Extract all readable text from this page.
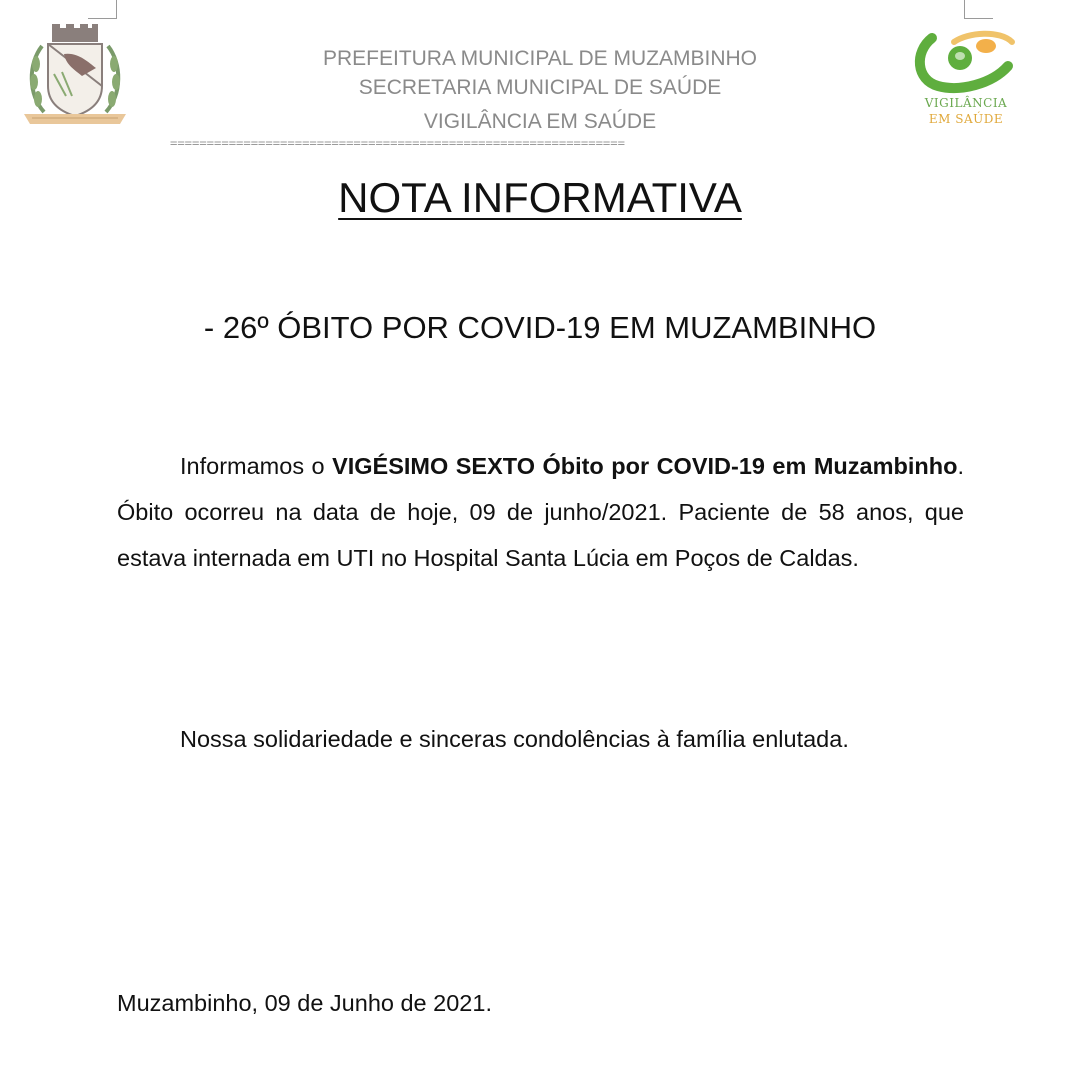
PREFEITURA MUNICIPAL DE MUZAMBINHO
SECRETARIA MUNICIPAL DE SAÚDE
VIGILÂNCIA EM SAÚDE
==============================================================
VIGILÂNCIA
EM SAÚDE
NOTA INFORMATIVA
- 26º ÓBITO POR COVID-19 EM MUZAMBINHO

Informamos o VIGÉSIMO SEXTO Óbito por COVID-19 em Muzambinho. Óbito ocorreu na data de hoje, 09 de junho/2021. Paciente de 58 anos, que estava internada em UTI no Hospital Santa Lúcia em Poços de Caldas.

Nossa solidariedade e sinceras condolências à família enlutada.
Muzambinho, 09 de Junho de 2021.
